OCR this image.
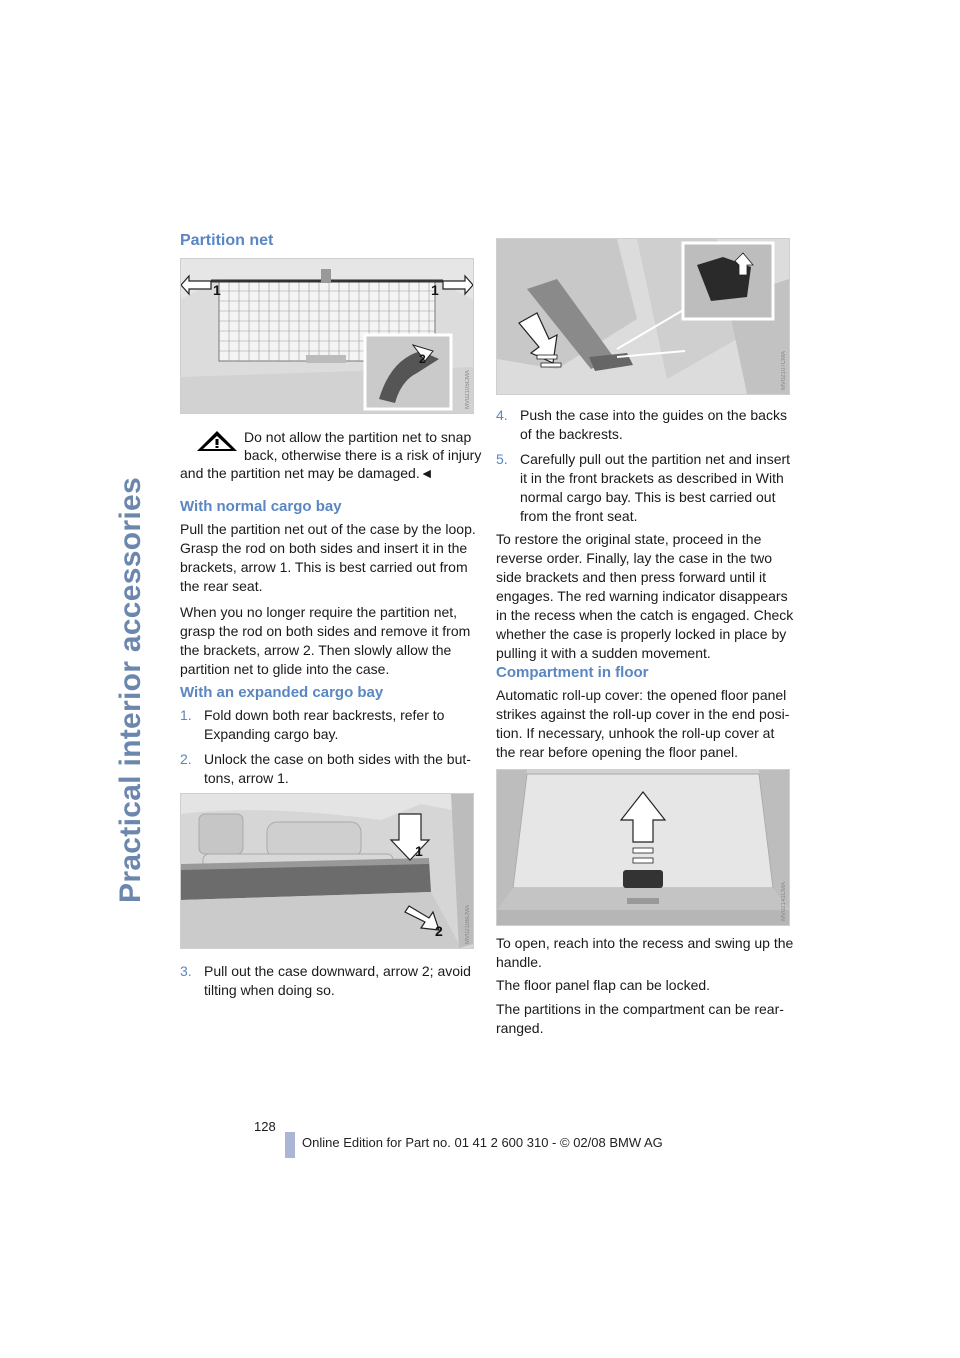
Practical interior accessories
Partition net
1	1
2
MV02105CMA

Do not allow the partition net to snap

back, otherwise there is a risk of injury

and the partition net may be damaged.◄

With normal cargo bay
Pull the partition net out of the case by the loop.
Grasp the rod on both sides and insert it in the
brackets, arrow 1. This is best carried out from
the rear seat.
When you no longer require the partition net,
grasp the rod on both sides and remove it from
the brackets, arrow 2. Then slowly allow the
partition net to glide into the case.
With an expanded cargo bay
1. Fold down both rear backrests, refer to
Expanding cargo bay.
2. Unlock the case on both sides with the but-
tons, arrow 1.
1
2	MV02106CMA
3. Pull out the case downward, arrow 2; avoid
tilting when doing so.
MV02107CMA
4. Push the case into the guides on the backs
of the backrests.
5. Carefully pull out the partition net and insert
it in the front brackets as described in With
normal cargo bay. This is best carried out
from the front seat.
To restore the original state, proceed in the
reverse order. Finally, lay the case in the two
side brackets and then press forward until it
engages. The red warning indicator disappears
in the recess when the catch is engaged. Check
whether the case is properly locked in place by
pulling it with a sudden movement.
Compartment in floor
Automatic roll-up cover: the opened floor panel
strikes against the roll-up cover in the end posi-
tion. If necessary, unhook the roll-up cover at
the rear before opening the floor panel.
MV02141CMA
To open, reach into the recess and swing up the
handle.

The floor panel flap can be locked.

The partitions in the compartment can be rear-
ranged.
128
Online Edition for Part no. 01 41 2 600 310 - © 02/08 BMW AG
